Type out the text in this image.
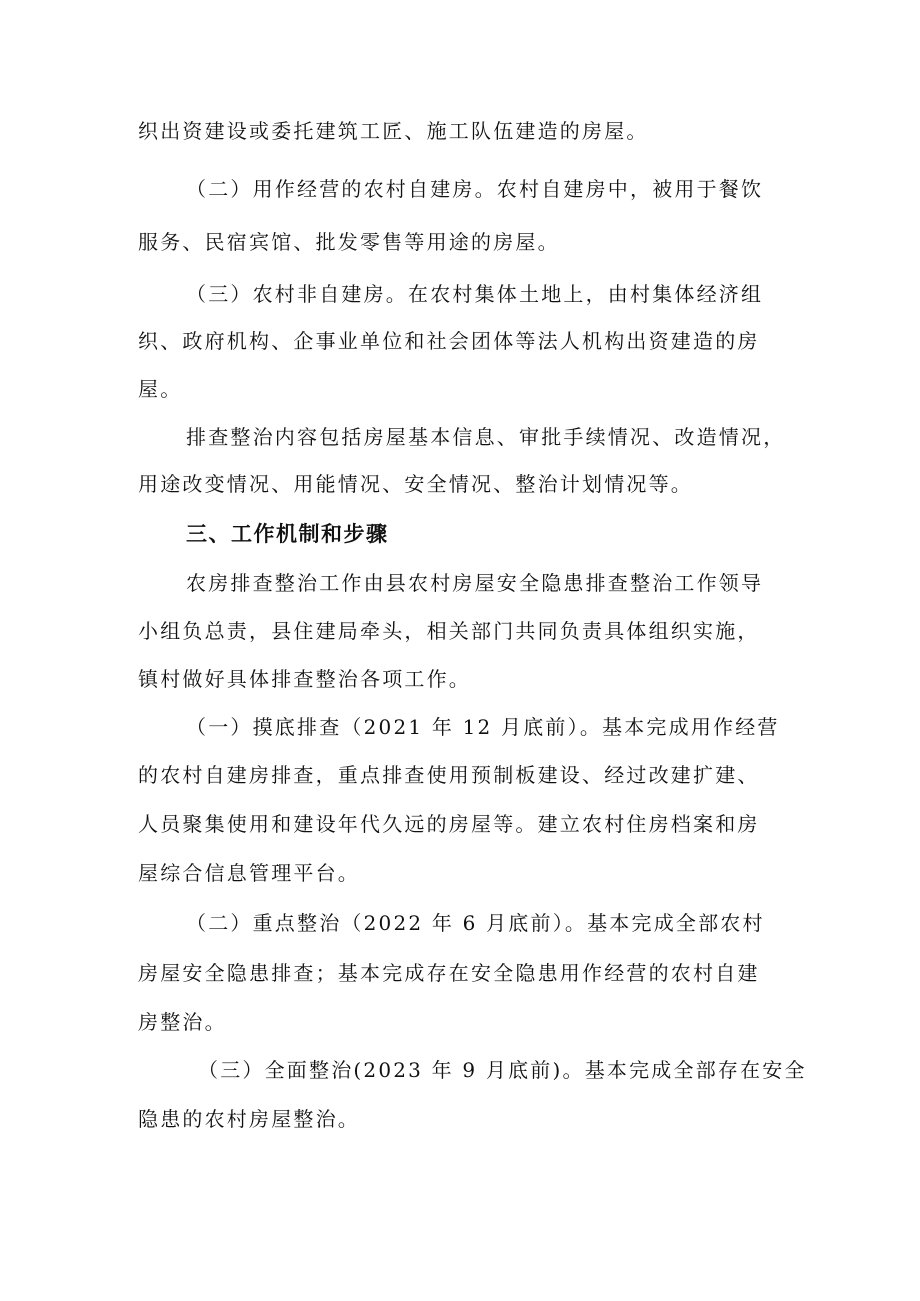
织出资建设或委托建筑工匠、施工队伍建造的房屋。
（二）用作经营的农村自建房。农村自建房中，被用于餐饮
服务、民宿宾馆、批发零售等用途的房屋。
（三）农村非自建房。在农村集体土地上，由村集体经济组
织、政府机构、企事业单位和社会团体等法人机构出资建造的房
屋。
排查整治内容包括房屋基本信息、审批手续情况、改造情况，
用途改变情况、用能情况、安全情况、整治计划情况等。
三、工作机制和步骤
农房排查整治工作由县农村房屋安全隐患排查整治工作领导
小组负总责，县住建局牵头，相关部门共同负责具体组织实施，
镇村做好具体排查整治各项工作。
（一）摸底排查（2021 年 12 月底前）。基本完成用作经营
的农村自建房排查，重点排查使用预制板建设、经过改建扩建、
人员聚集使用和建设年代久远的房屋等。建立农村住房档案和房
屋综合信息管理平台。
（二）重点整治（2022 年 6 月底前）。基本完成全部农村
房屋安全隐患排查；基本完成存在安全隐患用作经营的农村自建
房整治。
（三）全面整治(2023 年 9 月底前)。基本完成全部存在安全
隐患的农村房屋整治。
